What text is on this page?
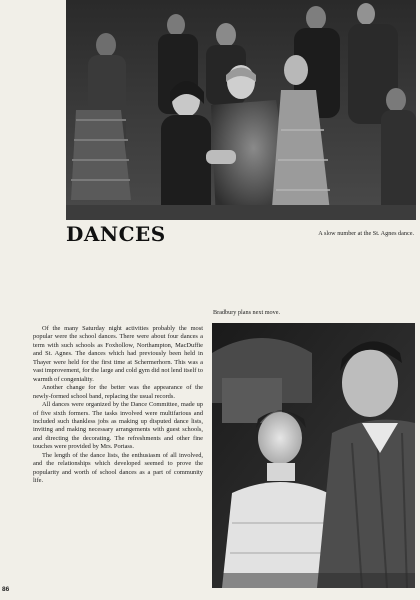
DANCES	A slow number at the St. Agnes dance.
Bradbury plans next move.

Of the many Saturday night activities probably the most popular were the school dances. There were about four dances a term with such schools as Foxhollow, Northampton, MacDuffie and St. Agnes. The dances which had previously been held in Thayer were held for the first time at Schermerhorn. This was a vast improvement, for the large and cold gym did not lend itself to warmth of congeniality.

Another change for the better was the appearance of the newly-formed school band, replacing the usual records.

All dances were organized by the Dance Committee, made up of five sixth formers. The tasks involved were multifarious and included such thankless jobs as making up disputed dance lists, inviting and making necessary arrangements with guest schools, and directing the decorating. The refreshments and other fine touches were provided by Mrs. Portass.

The length of the dance lists, the enthusiasm of all involved, and the relationships which developed seemed to prove the popularity and worth of school dances as a part of community life.

86
